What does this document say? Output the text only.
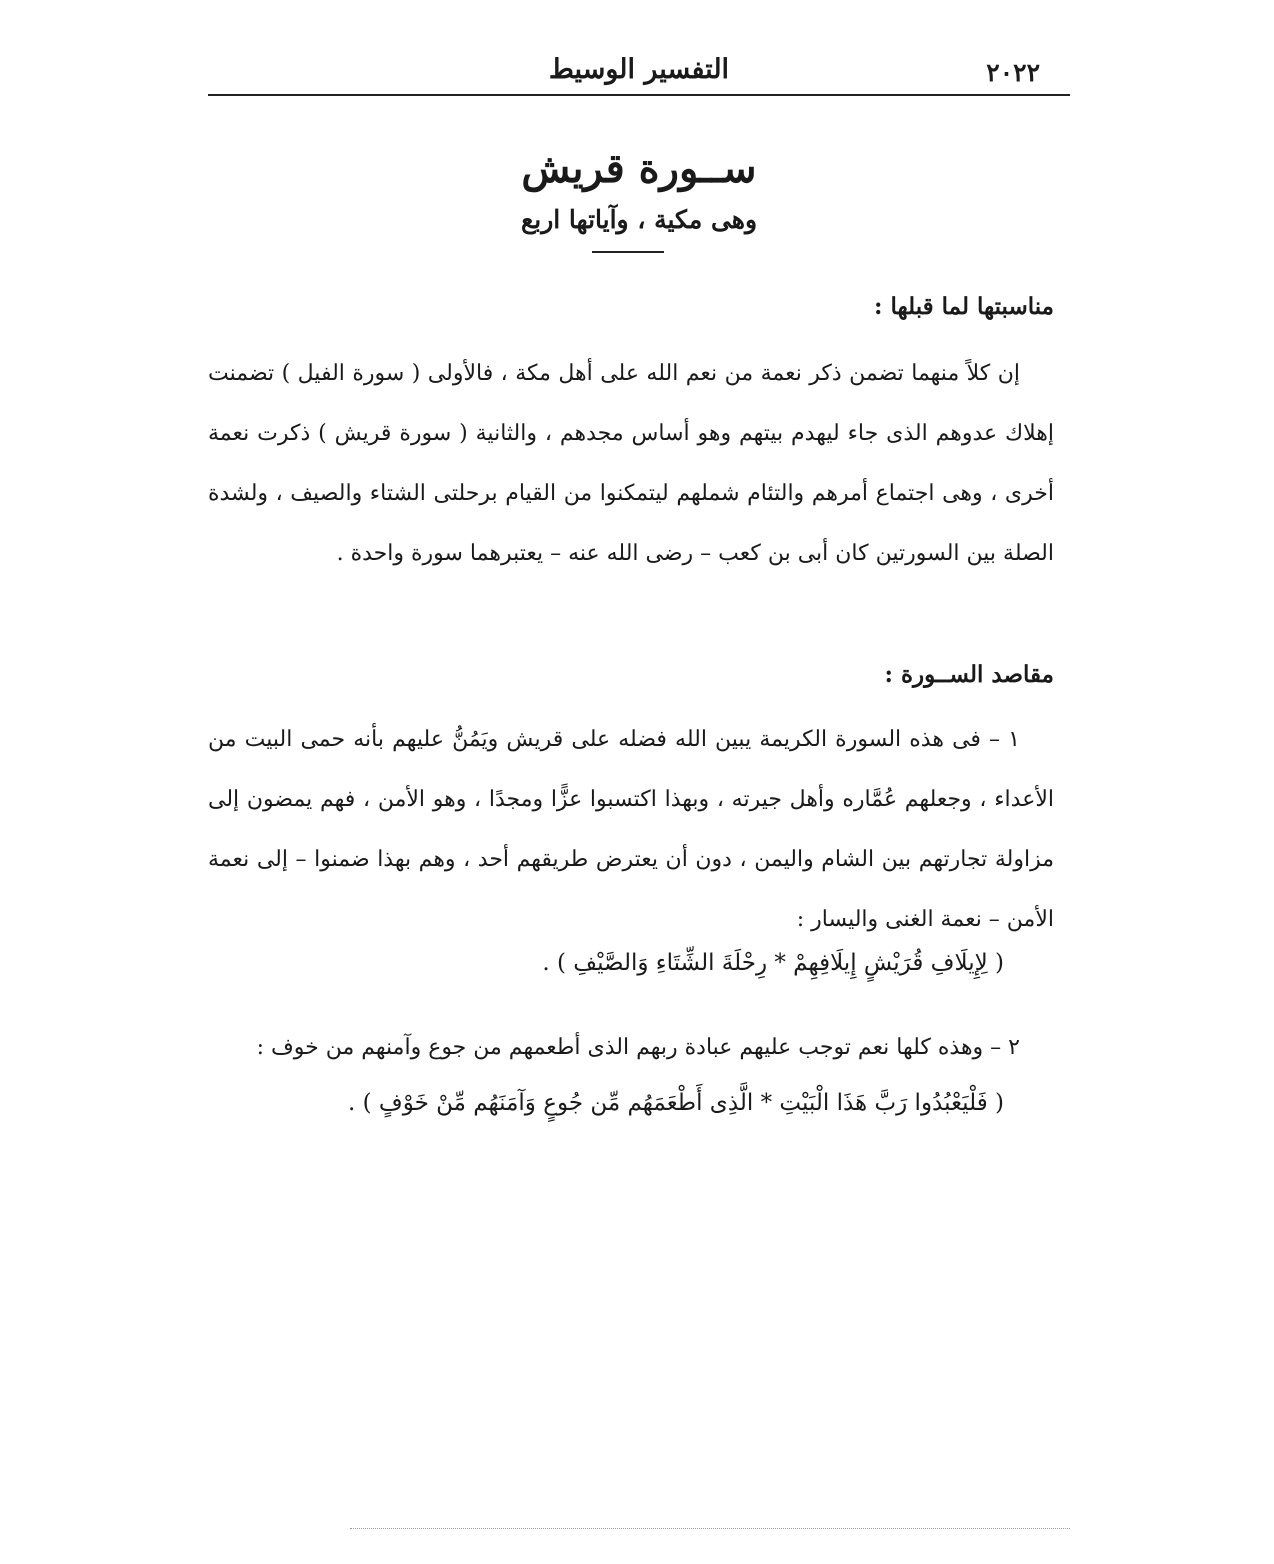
٢٠٢٢
التفسير الوسيط
ســورة قريش
وهى مكية ، وآياتها اربع
مناسبتها لما قبلها :
إن كلاً منهما تضمن ذكر نعمة من نعم الله على أهل مكة ، فالأولى ( سورة الفيل ) تضمنت إهلاك عدوهم الذى جاء ليهدم بيتهم وهو أساس مجدهم ، والثانية ( سورة قريش ) ذكرت نعمة أخرى ، وهى اجتماع أمرهم والتئام شملهم ليتمكنوا من القيام برحلتى الشتاء والصيف ، ولشدة الصلة بين السورتين كان أبى بن كعب – رضى الله عنه – يعتبرهما سورة واحدة .
مقاصد الســورة :
١ – فى هذه السورة الكريمة يبين الله فضله على قريش ويَمُنُّ عليهم بأنه حمى البيت من الأعداء ، وجعلهم عُمَّاره وأهل جيرته ، وبهذا اكتسبوا عزًّا ومجدًا ، وهو الأمن ، فهم يمضون إلى مزاولة تجارتهم بين الشام واليمن ، دون أن يعترض طريقهم أحد ، وهم بهذا ضمنوا – إلى نعمة الأمن – نعمة الغنى واليسار :
( لِإِيلَافِ قُرَيْشٍ إِيلَافِهِمْ * رِحْلَةَ الشِّتَاءِ وَالصَّيْفِ ) .
٢ – وهذه كلها نعم توجب عليهم عبادة ربهم الذى أطعمهم من جوع وآمنهم من خوف :
( فَلْيَعْبُدُوا رَبَّ هَذَا الْبَيْتِ * الَّذِى أَطْعَمَهُم مِّن جُوعٍ وَآمَنَهُم مِّنْ خَوْفٍ ) .
